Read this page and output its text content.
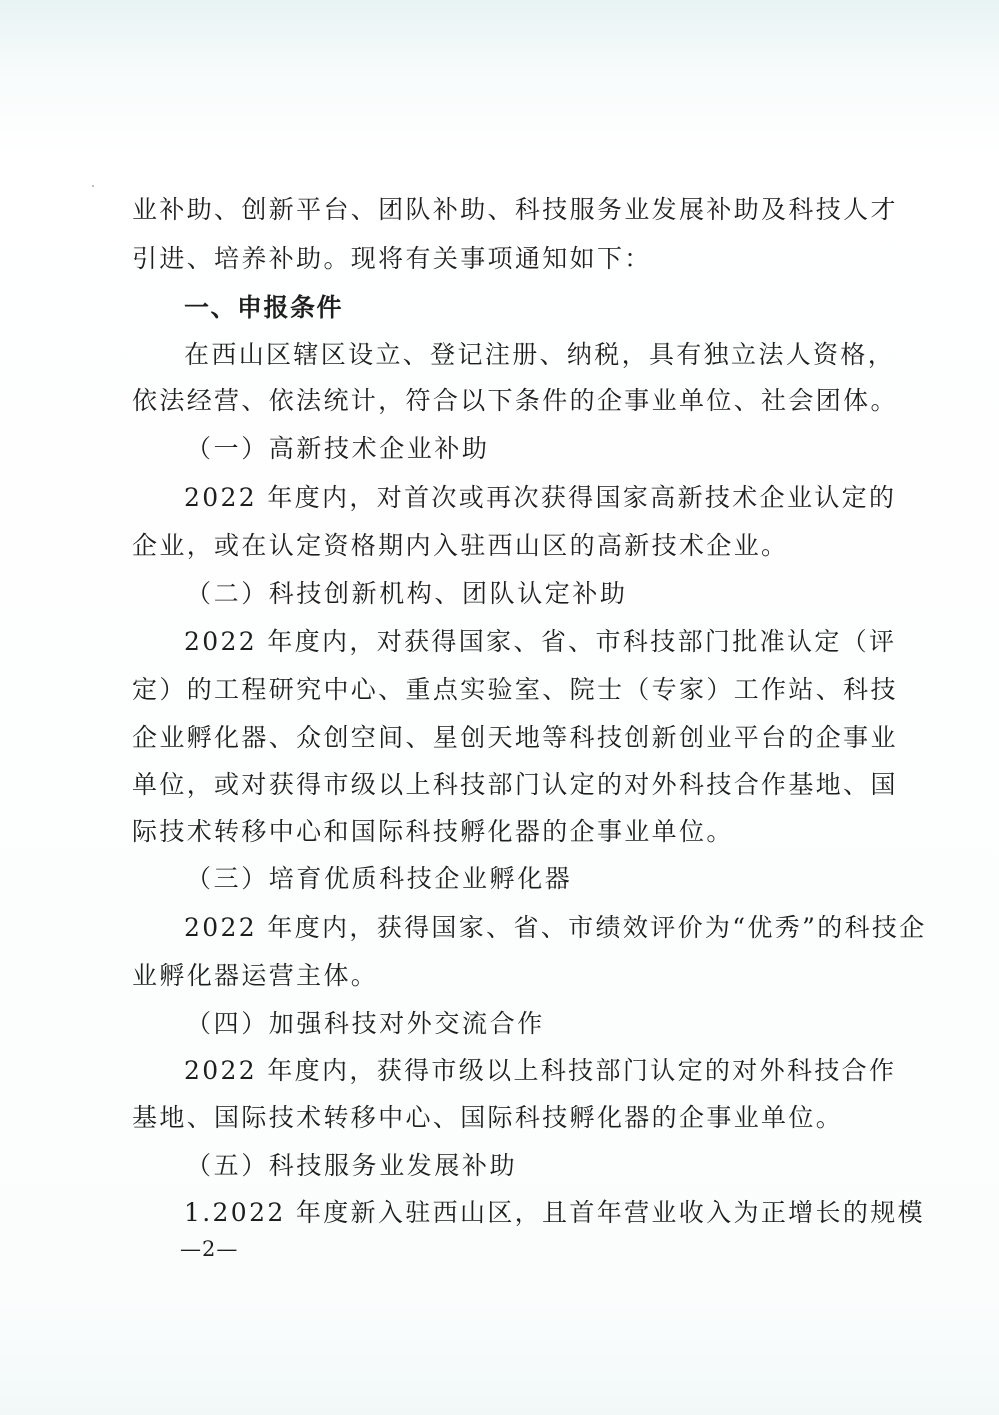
业补助、创新平台、团队补助、科技服务业发展补助及科技人才
引进、培养补助。现将有关事项通知如下：
一、申报条件
在西山区辖区设立、登记注册、纳税，具有独立法人资格，
依法经营、依法统计，符合以下条件的企事业单位、社会团体。
（一）高新技术企业补助
2022 年度内，对首次或再次获得国家高新技术企业认定的
企业，或在认定资格期内入驻西山区的高新技术企业。
（二）科技创新机构、团队认定补助
2022 年度内，对获得国家、省、市科技部门批准认定（评
定）的工程研究中心、重点实验室、院士（专家）工作站、科技
企业孵化器、众创空间、星创天地等科技创新创业平台的企事业
单位，或对获得市级以上科技部门认定的对外科技合作基地、国
际技术转移中心和国际科技孵化器的企事业单位。
（三）培育优质科技企业孵化器
2022 年度内，获得国家、省、市绩效评价为“优秀”的科技企
业孵化器运营主体。
（四）加强科技对外交流合作
2022 年度内，获得市级以上科技部门认定的对外科技合作
基地、国际技术转移中心、国际科技孵化器的企事业单位。
（五）科技服务业发展补助
1.2022 年度新入驻西山区，且首年营业收入为正增长的规模
—2—
